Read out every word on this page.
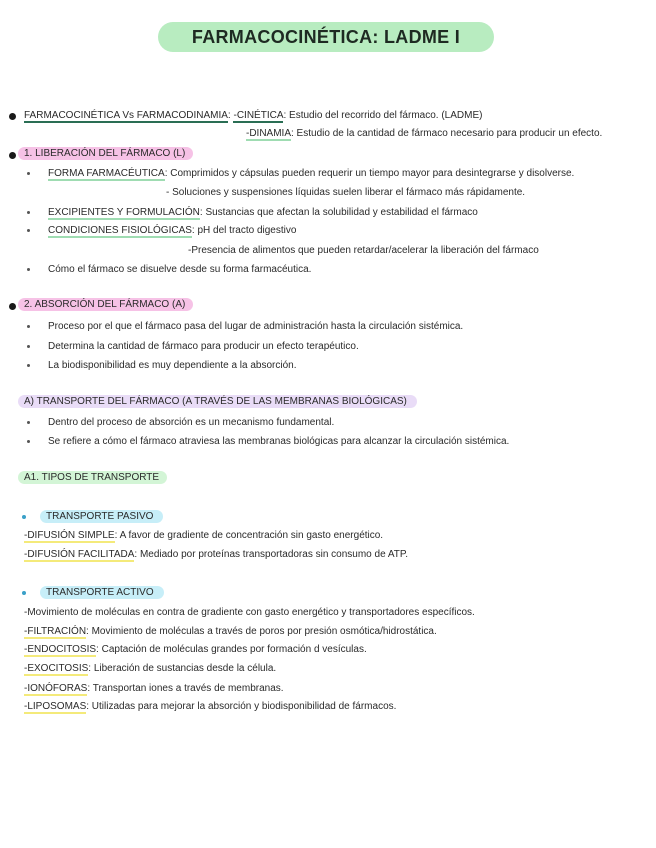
FARMACOCINÉTICA: LADME I
FARMACOCINÉTICA Vs FARMACODINAMIA: -CINÉTICA: Estudio del recorrido del fármaco. (LADME)
-DINAMIA: Estudio de la cantidad de fármaco necesario para producir un efecto.
1. LIBERACIÓN DEL FÁRMACO (L)
FORMA FARMACÉUTICA: Comprimidos y cápsulas pueden requerir un tiempo mayor para desintegrarse y disolverse.
- Soluciones y suspensiones líquidas suelen liberar el fármaco más rápidamente.
EXCIPIENTES Y FORMULACIÓN: Sustancias que afectan la solubilidad y estabilidad el fármaco
CONDICIONES FISIOLÓGICAS: pH del tracto digestivo
-Presencia de alimentos que pueden retardar/acelerar la liberación del fármaco
Cómo el fármaco se disuelve desde su forma farmacéutica.
2. ABSORCIÓN DEL FÁRMACO (A)
Proceso por el que el fármaco pasa del lugar de administración hasta la circulación sistémica.
Determina la cantidad de fármaco para producir un efecto terapéutico.
La biodisponibilidad es muy dependiente a la absorción.
A) TRANSPORTE DEL FÁRMACO (A TRAVÉS DE LAS MEMBRANAS BIOLÓGICAS)
Dentro del proceso de absorción es un mecanismo fundamental.
Se refiere a cómo el fármaco atraviesa las membranas biológicas para alcanzar la circulación sistémica.
A1. TIPOS DE TRANSPORTE
TRANSPORTE PASIVO
-DIFUSIÓN SIMPLE: A favor de gradiente de concentración sin gasto energético.
-DIFUSIÓN FACILITADA: Mediado por proteínas transportadoras sin consumo de ATP.
TRANSPORTE ACTIVO
-Movimiento de moléculas en contra de gradiente con gasto energético y transportadores específicos.
-FILTRACIÓN: Movimiento de moléculas a través de poros por presión osmótica/hidrostática.
-ENDOCITOSIS: Captación de moléculas grandes por formación d vesículas.
-EXOCITOSIS: Liberación de sustancias desde la célula.
-IONÓFORAS: Transportan iones a través de membranas.
-LIPOSOMAS: Utilizadas para mejorar la absorción y biodisponibilidad de fármacos.
